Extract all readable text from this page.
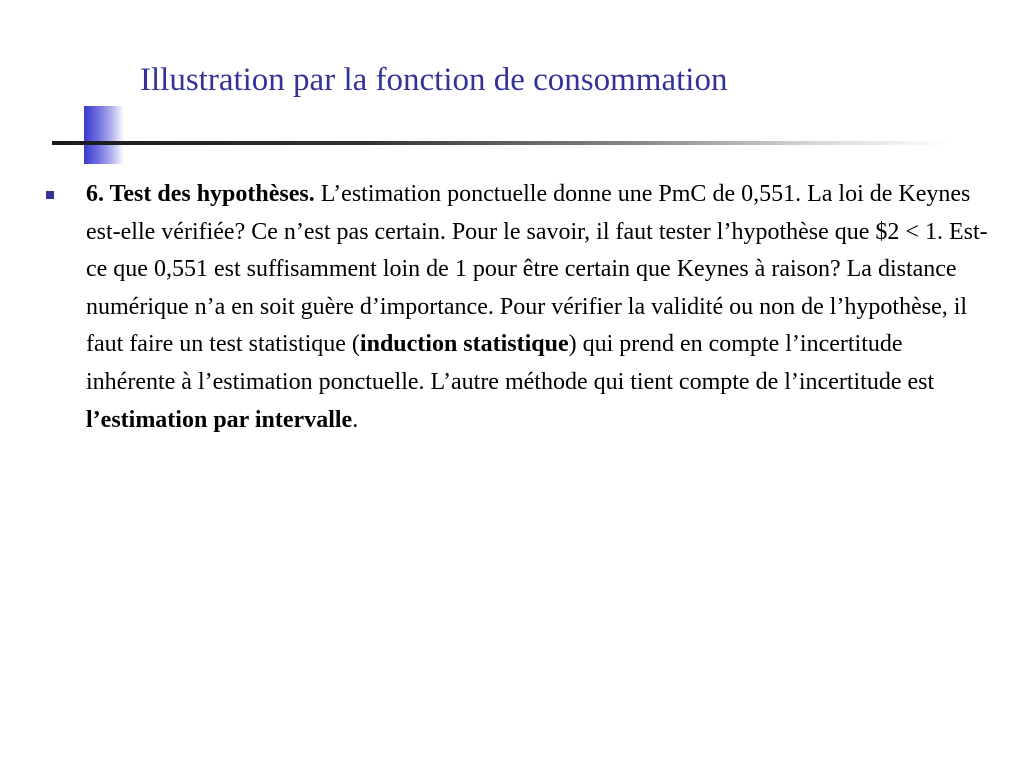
Illustration par la fonction de consommation
6. Test des hypothèses. L’estimation ponctuelle donne une PmC de 0,551. La loi de Keynes est-elle vérifiée? Ce n’est pas certain. Pour le savoir, il faut tester l’hypothèse que $2 < 1. Est-ce que 0,551 est suffisamment loin de 1 pour être certain que Keynes à raison? La distance numérique n’a en soit guère d’importance. Pour vérifier la validité ou non de l’hypothèse, il faut faire un test statistique (induction statistique) qui prend en compte l’incertitude inhérente à l’estimation ponctuelle. L’autre méthode qui tient compte de l’incertitude est l’estimation par intervalle.
